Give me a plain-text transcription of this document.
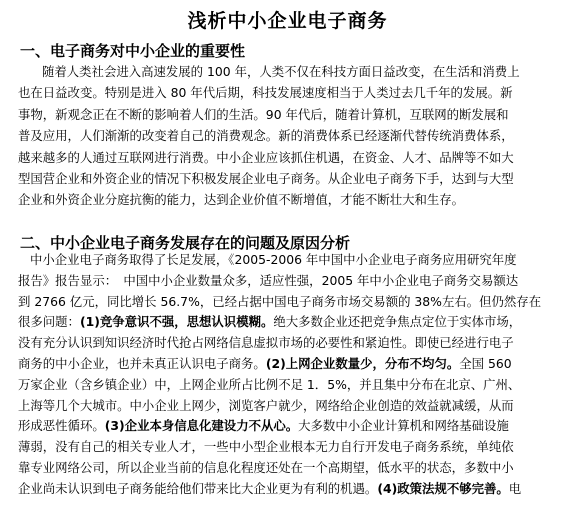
浅析中小企业电子商务
一、电子商务对中小企业的重要性
随着人类社会进入高速发展的 100 年，人类不仅在科技方面日益改变，在生活和消费上
也在日益改变。特别是进入 80 年代后期，科技发展速度相当于人类过去几千年的发展。新
事物，新观念正在不断的影响着人们的生活。90 年代后，随着计算机，互联网的断发展和
普及应用，人们渐渐的改变着自己的消费观念。新的消费体系已经逐渐代替传统消费体系，
越来越多的人通过互联网进行消费。中小企业应该抓住机遇，在资金、人才、品牌等不如大
型国营企业和外资企业的情况下积极发展企业电子商务。从企业电子商务下手，达到与大型
企业和外资企业分庭抗衡的能力，达到企业价值不断增值，才能不断壮大和生存。
二、中小企业电子商务发展存在的问题及原因分析
中小企业电子商务取得了长足发展，《2005-2006 年中国中小企业电子商务应用研究年度
报告》报告显示：　中国中小企业数量众多，适应性强，2005 年中小企业电子商务交易额达
到 2766 亿元，同比增长 56.7%，已经占据中国电子商务市场交易额的 38%左右。但仍然存在
很多问题：(1)竞争意识不强，思想认识模糊。绝大多数企业还把竞争焦点定位于实体市场，
没有充分认识到知识经济时代抢占网络信息虚拟市场的必要性和紧迫性。即使已经进行电子
商务的中小企业，也并未真正认识电子商务。(2)上网企业数量少，分布不均匀。全国 560
万家企业（含乡镇企业）中，上网企业所占比例不足 1．5%，并且集中分布在北京、广州、
上海等几个大城市。中小企业上网少，浏览客户就少，网络给企业创造的效益就减缓，从而
形成恶性循环。(3)企业本身信息化建设力不从心。大多数中小企业计算机和网络基础设施
薄弱，没有自己的相关专业人才，一些中小型企业根本无力自行开发电子商务系统，单纯依
靠专业网络公司，所以企业当前的信息化程度还处在一个高期望，低水平的状态，多数中小
企业尚未认识到电子商务能给他们带来比大企业更为有利的机遇。(4)政策法规不够完善。电
